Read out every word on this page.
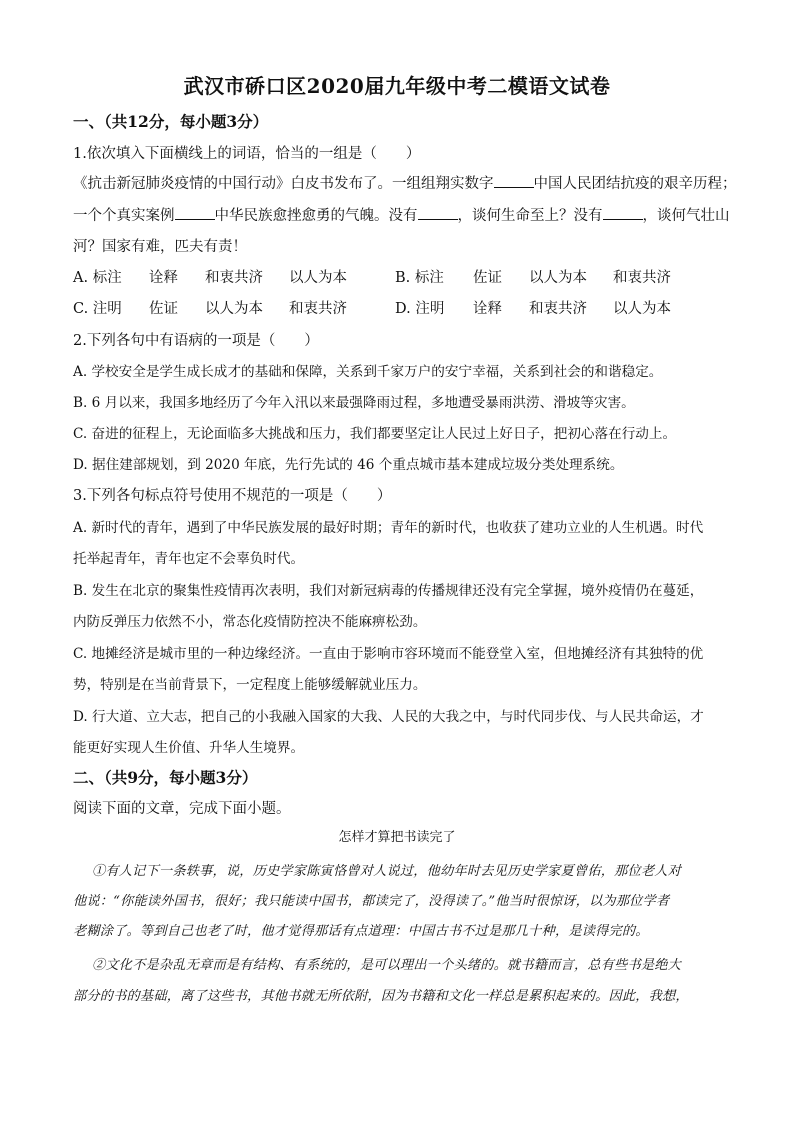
武汉市硚口区2020届九年级中考二模语文试卷
一、（共12分，每小题3分）
1.依次填入下面横线上的词语，恰当的一组是（　　）
《抗击新冠肺炎疫情的中国行动》白皮书发布了。一组组翔实数字	中国人民团结抗疫的艰辛历程；
一个个真实案例	中华民族愈挫愈勇的气魄。没有	，谈何生命至上？没有	，谈何气壮山
河？国家有难，匹夫有责！
A. 标注 诠释 和衷共济 以人为本	B. 标注 佐证 以人为本 和衷共济
C. 注明 佐证 以人为本 和衷共济	D. 注明 诠释 和衷共济 以人为本
2.下列各句中有语病的一项是（　　）
A. 学校安全是学生成长成才的基础和保障，关系到千家万户的安宁幸福，关系到社会的和谐稳定。
B. 6 月以来，我国多地经历了今年入汛以来最强降雨过程，多地遭受暴雨洪涝、滑坡等灾害。
C. 奋进的征程上，无论面临多大挑战和压力，我们都要坚定让人民过上好日子，把初心落在行动上。
D. 据住建部规划，到 2020 年底，先行先试的 46 个重点城市基本建成垃圾分类处理系统。
3.下列各句标点符号使用不规范的一项是（　　）
A. 新时代的青年，遇到了中华民族发展的最好时期；青年的新时代，也收获了建功立业的人生机遇。时代
托举起青年，青年也定不会辜负时代。
B. 发生在北京的聚集性疫情再次表明，我们对新冠病毒的传播规律还没有完全掌握，境外疫情仍在蔓延，
内防反弹压力依然不小，常态化疫情防控决不能麻痹松劲。
C. 地摊经济是城市里的一种边缘经济。一直由于影响市容环境而不能登堂入室，但地摊经济有其独特的优
势，特别是在当前背景下，一定程度上能够缓解就业压力。
D. 行大道、立大志，把自己的小我融入国家的大我、人民的大我之中，与时代同步伐、与人民共命运，才
能更好实现人生价值、升华人生境界。
二、（共9分，每小题3分）
阅读下面的文章，完成下面小题。
怎样才算把书读完了
①有人记下一条轶事，说，历史学家陈寅恪曾对人说过，他幼年时去见历史学家夏曾佑，那位老人对
他说：“你能读外国书，很好；我只能读中国书，都读完了，没得读了。”他当时很惊讶，以为那位学者
老糊涂了。等到自己也老了时，他才觉得那话有点道理：中国古书不过是那几十种，是读得完的。
②文化不是杂乱无章而是有结构、有系统的，是可以理出一个头绪的。就书籍而言，总有些书是绝大
部分的书的基础，离了这些书，其他书就无所依附，因为书籍和文化一样总是累积起来的。因此，我想，
